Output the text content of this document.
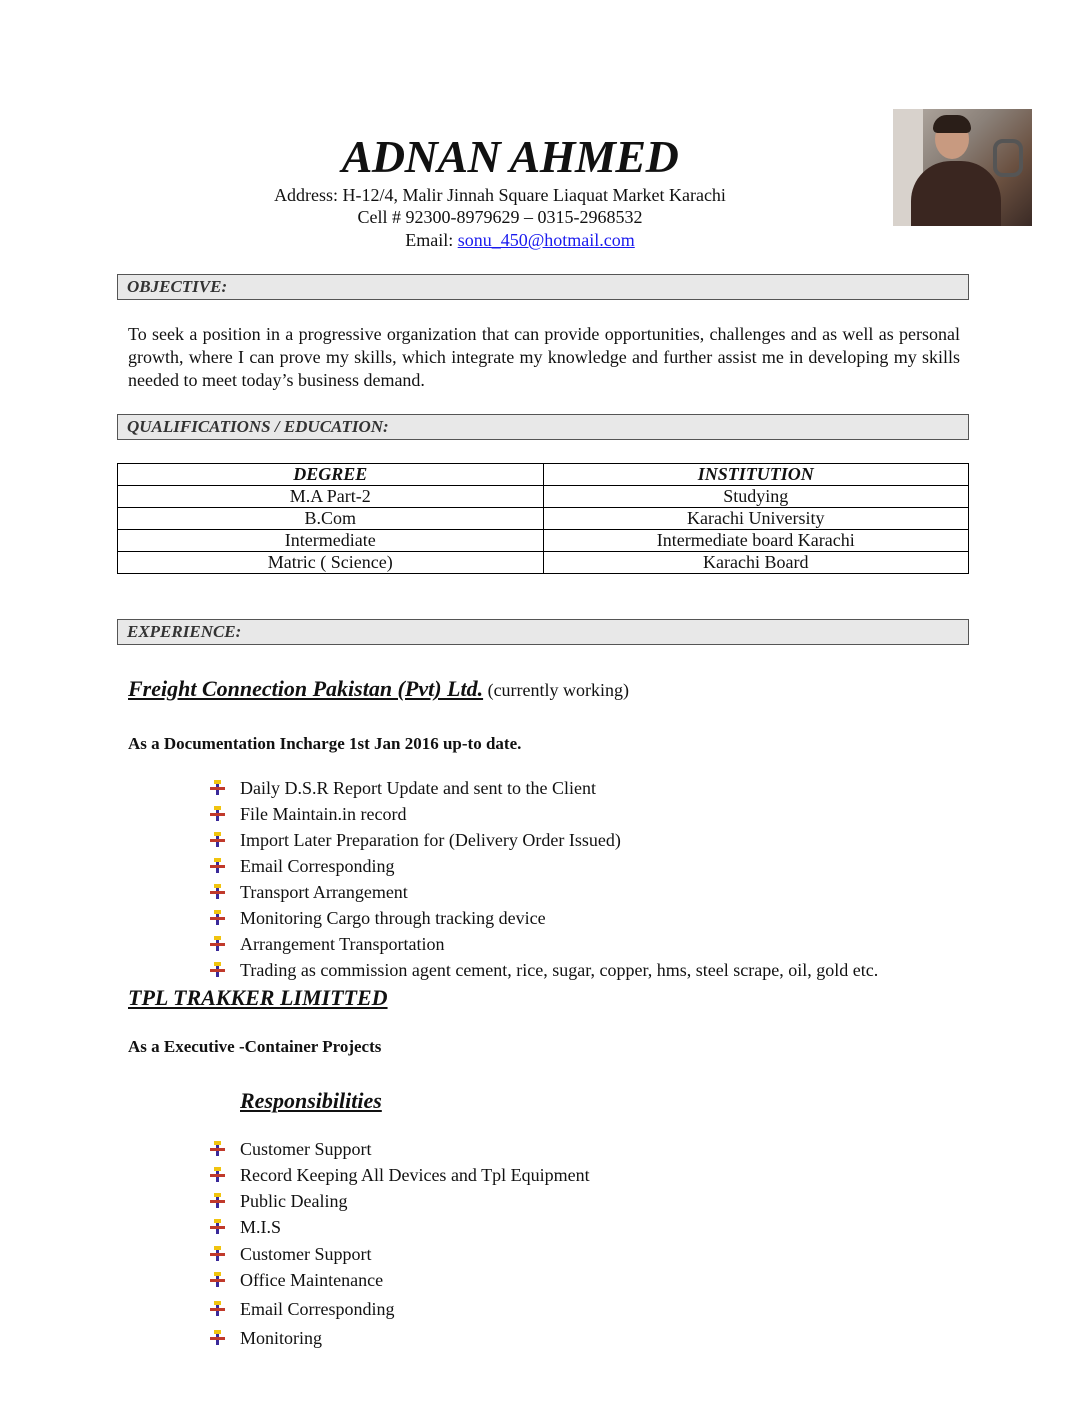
ADNAN AHMED
Address: H-12/4, Malir Jinnah Square Liaquat Market Karachi
Cell # 92300-8979629 – 0315-2968532
Email: sonu_450@hotmail.com
OBJECTIVE:
To seek a position in a progressive organization that can provide opportunities, challenges and as well as personal growth, where I can prove my skills, which integrate my knowledge and further assist me in developing my skills needed to meet today’s business demand.
QUALIFICATIONS / EDUCATION:
DEGREE	INSTITUTION
M.A Part-2	Studying
B.Com	Karachi University
Intermediate	Intermediate board Karachi
Matric ( Science)	Karachi Board
EXPERIENCE:
Freight Connection Pakistan (Pvt) Ltd. (currently working)
As a Documentation Incharge 1st Jan 2016 up-to date.
Daily D.S.R Report Update and sent to the Client
File Maintain.in record
Import Later Preparation for (Delivery Order Issued)
Email Corresponding
Transport Arrangement
Monitoring Cargo through tracking device
Arrangement Transportation
Trading as commission agent cement, rice, sugar, copper, hms, steel scrape, oil, gold etc.
TPL TRAKKER LIMITTED
As a Executive -Container Projects
Responsibilities
Customer Support
Record Keeping All Devices and Tpl Equipment
Public Dealing
M.I.S
Customer Support
Office Maintenance
Email Corresponding
Monitoring
